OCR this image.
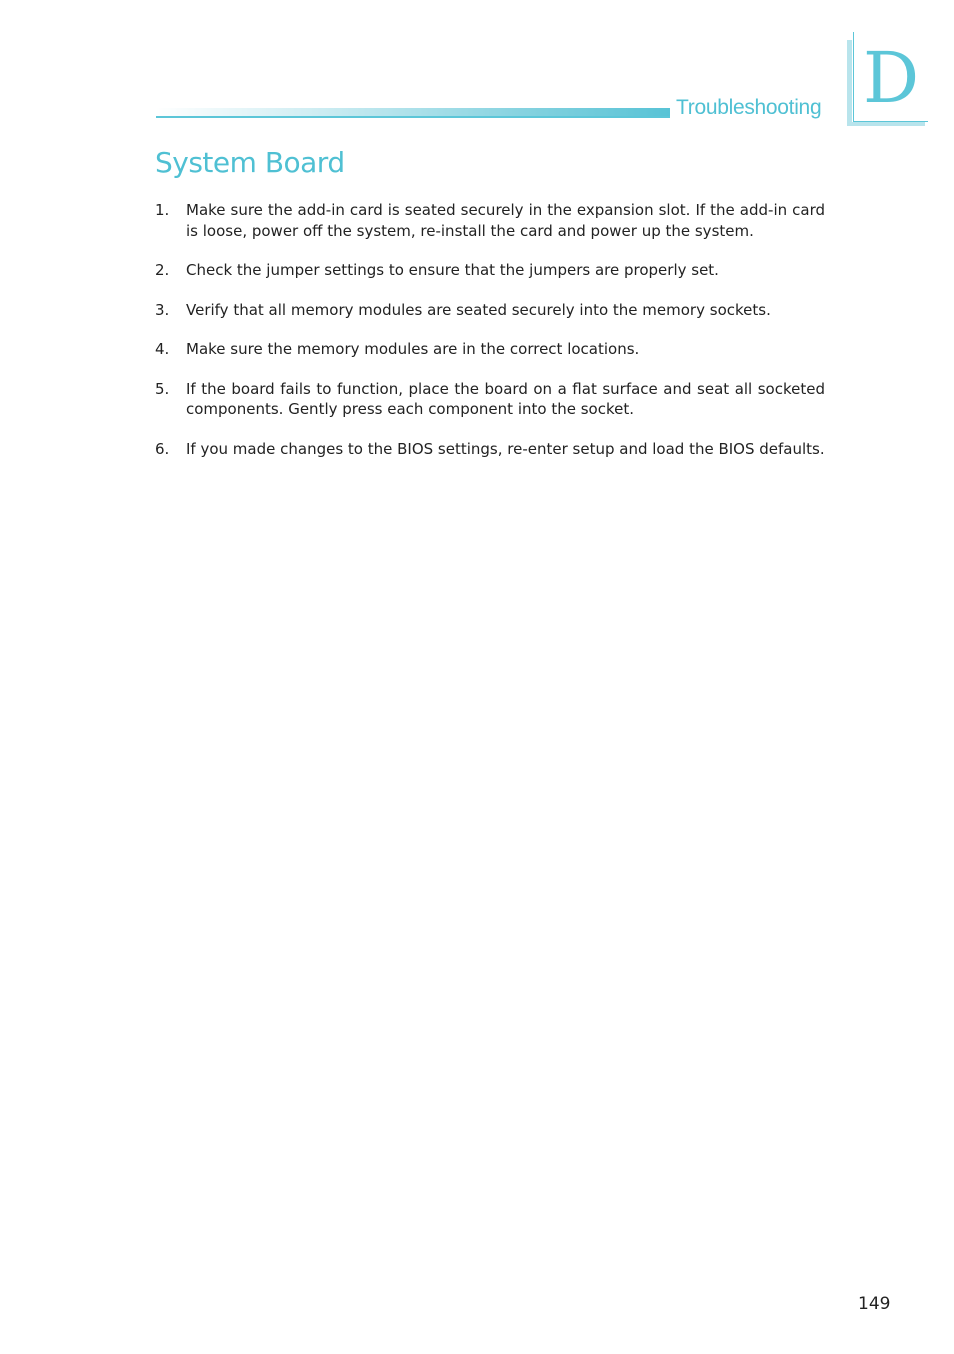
Troubleshooting D
System Board
1. Make sure the add-in card is seated securely in the expansion slot. If the add-in card is loose, power off the system, re-install the card and power up the system.
2. Check the jumper settings to ensure that the jumpers are properly set.
3. Verify that all memory modules are seated securely into the memory sockets.
4. Make sure the memory modules are in the correct locations.
5. If the board fails to function, place the board on a flat surface and seat all socketed components. Gently press each component into the socket.
6. If you made changes to the BIOS settings, re-enter setup and load the BIOS defaults.
149
